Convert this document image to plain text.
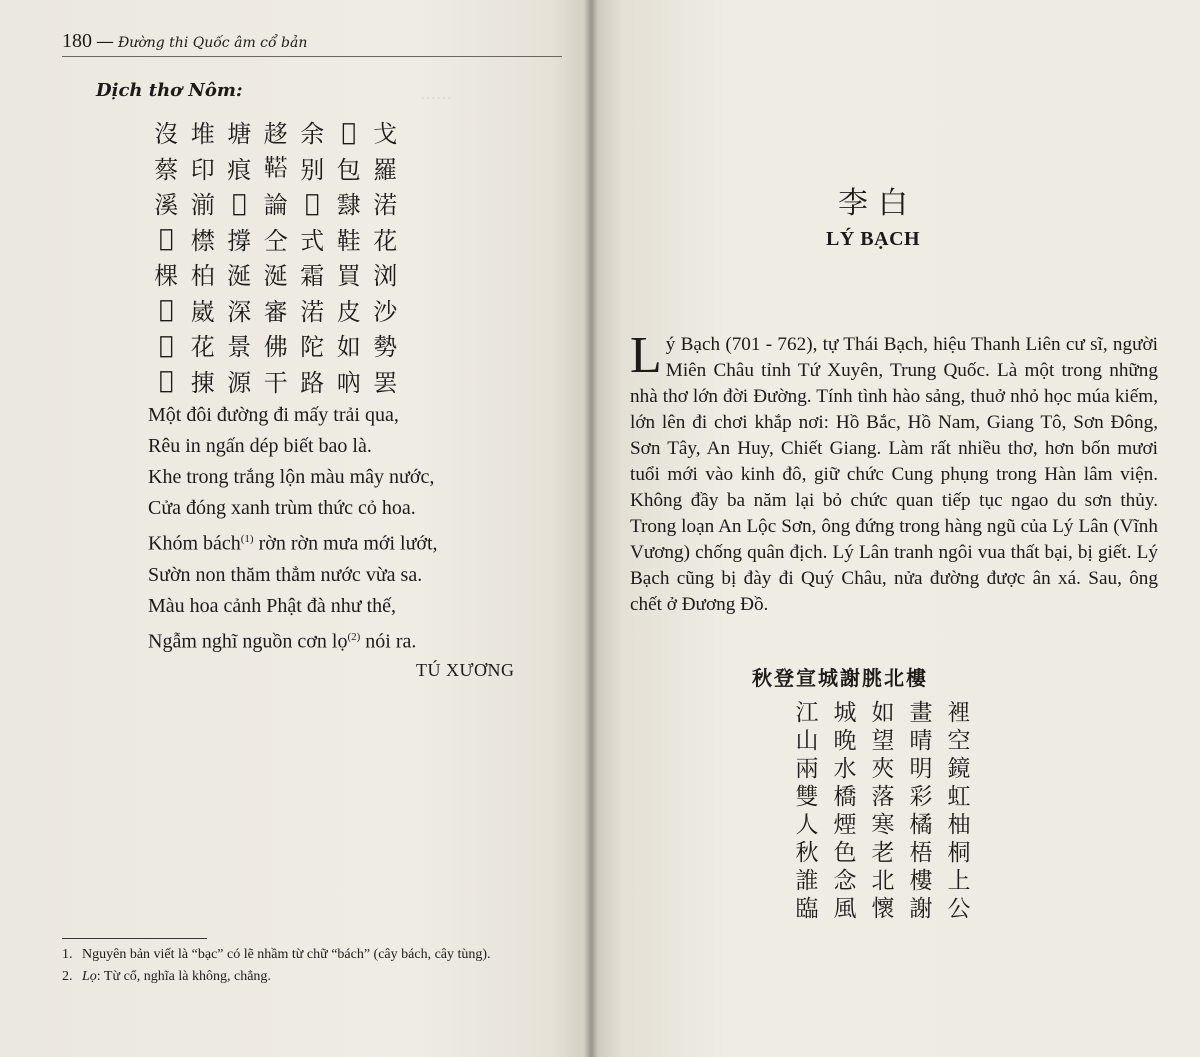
……
180 — Đường thi Quốc âm cổ bản
Dịch thơ Nôm:
沒 堆 塘 趍 余 𢀭 戈
蔡 印 痕 𩌂 别 包 羅
溪 湔 𣋝 論 𢆥 霴 渃
𨷯 㯲 撐 仝 式 鞋 花
棵 柏 涎 涎 霜 買 浏
𦣰 崴 深 審 渃 皮 沙
𢆥 花 景 佛 陀 如 勢
𪪳 㨂 源 干 路 吶 罢
Một đôi đường đi mấy trải qua,
Rêu in ngấn dép biết bao là.
Khe trong trắng lộn màu mây nước,
Cửa đóng xanh trùm thức cỏ hoa.
Khóm bách$^{(1)}$ rờn rờn mưa mới lướt,
Sườn non thăm thẳm nước vừa sa.
Màu hoa cảnh Phật đà như thế,
Ngẫm nghĩ nguồn cơn lọ$^{(2)}$ nói ra.
TÚ XƯƠNG
1. Nguyên bản viết là “bạc” có lẽ nhầm từ chữ “bách” (cây bách, cây tùng).
2. Lọ: Từ cổ, nghĩa là không, chẳng.
李白
LÝ BẠCH
Lý Bạch (701 - 762), tự Thái Bạch, hiệu Thanh Liên cư sĩ, người Miên Châu tỉnh Tứ Xuyên, Trung Quốc. Là một trong những nhà thơ lớn đời Đường. Tính tình hào sảng, thuở nhỏ học múa kiếm, lớn lên đi chơi khắp nơi: Hồ Bắc, Hồ Nam, Giang Tô, Sơn Đông, Sơn Tây, An Huy, Chiết Giang. Làm rất nhiều thơ, hơn bốn mươi tuổi mới vào kinh đô, giữ chức Cung phụng trong Hàn lâm viện. Không đầy ba năm lại bỏ chức quan tiếp tục ngao du sơn thủy. Trong loạn An Lộc Sơn, ông đứng trong hàng ngũ của Lý Lân (Vĩnh Vương) chống quân địch. Lý Lân tranh ngôi vua thất bại, bị giết. Lý Bạch cũng bị đày đi Quý Châu, nửa đường được ân xá. Sau, ông chết ở Đương Đồ.
秋登宣城謝朓北樓
江 城 如 畫 裡
山 晚 望 晴 空
兩 水 夾 明 鏡
雙 橋 落 彩 虹
人 煙 寒 橘 柚
秋 色 老 梧 桐
誰 念 北 樓 上
臨 風 懷 謝 公
